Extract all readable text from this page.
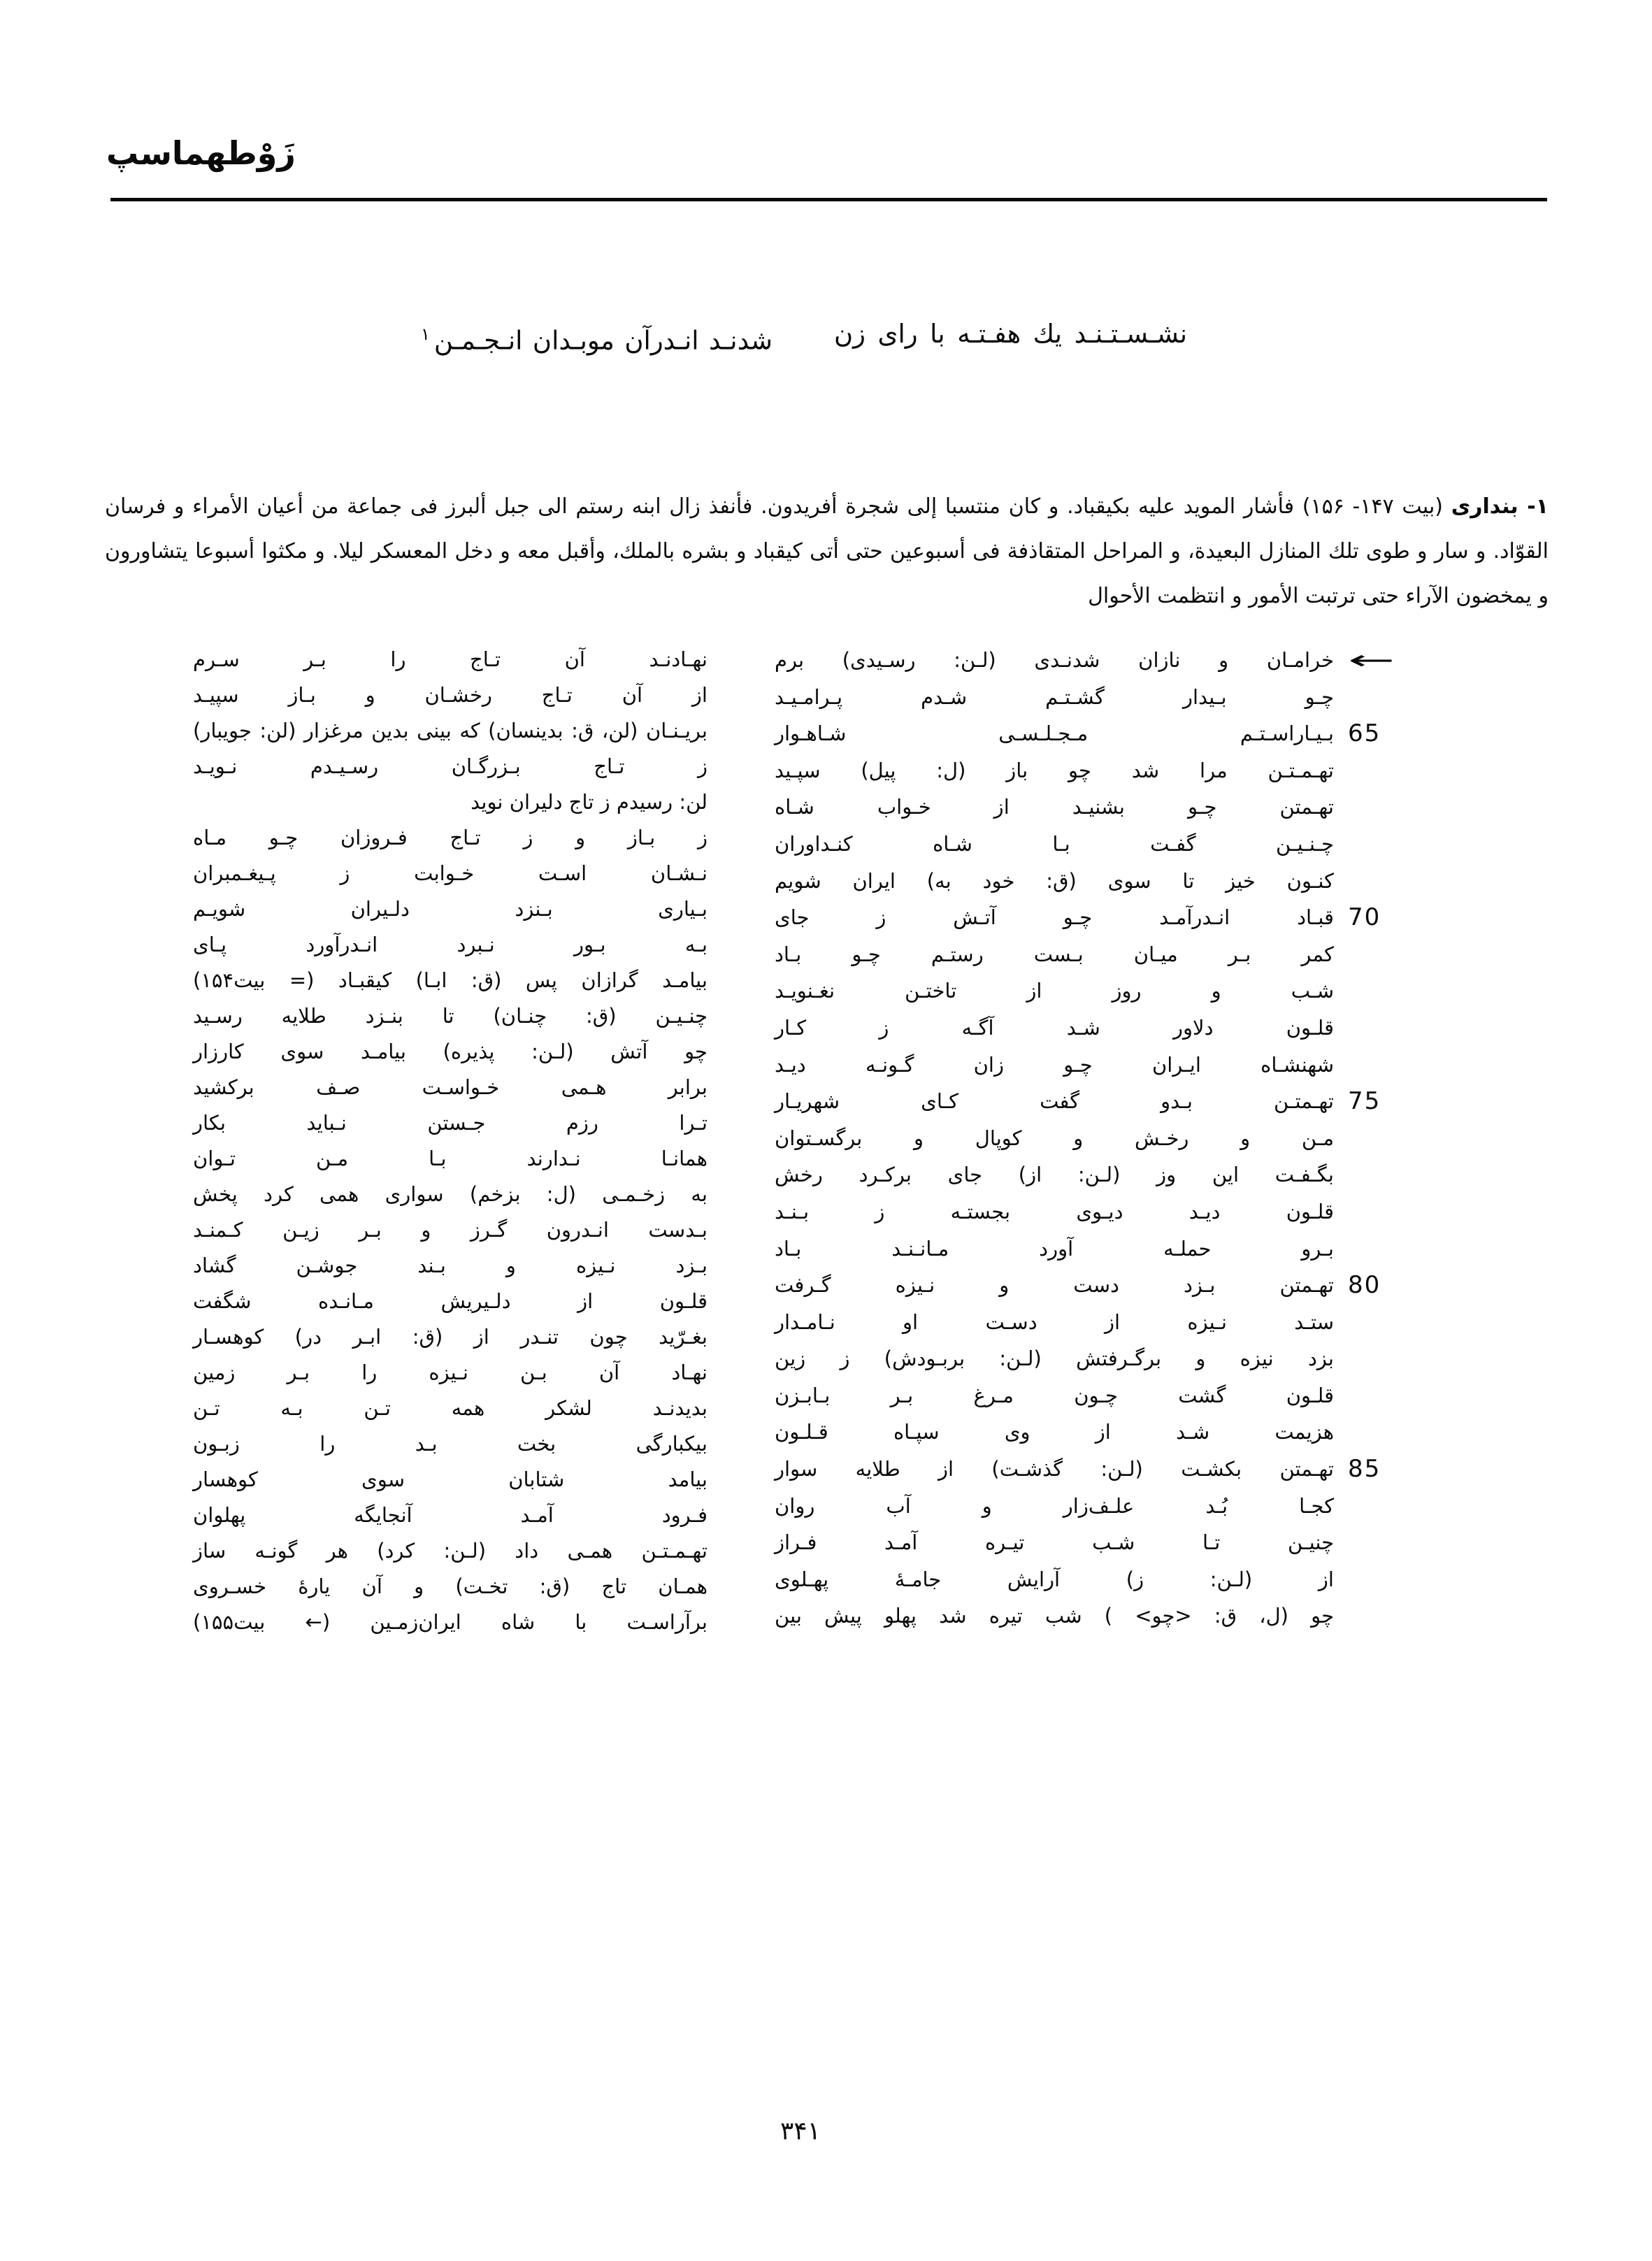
زَوْطهماسپ
نشـسـتـنـد يك هفـتـه با راى زن
شدنـد انـدرآن موبـدان انـجـمـن$^۱$
۱- بندارى (بيت ۱۴۷- ۱۵۶) فأشار المويد عليه بكيقباد. و كان منتسبا إلى شجرة أفريدون. فأنفذ زال ابنه رستم الى جبل ألبرز فى جماعة من أعيان الأمراء و فرسان القوّاد. و سار و طوى تلك المنازل البعيدة، و المراحل المتقاذفة فى أسبوعين حتى أتى كيقباد و بشره بالملك، وأقبل معه و دخل المعسكر ليلا. و مكثوا أسبوعا يتشاورون و يمخضون الآراء حتى ترتبت الأمور و انتظمت الأحوال
خرامـان و نازان شدنـدى (لـن: رسـيدى) برم ←
چـو بـيدار گشـتـم شـدم پـرامـيـد
بـيـاراسـتـم مـجـلـسـى شـاهـوار 65
تهـمـتـن مرا شد چو باز (ل: پيل) سپـيد
تهـمتن چـو بشنيـد از خـواب شـاه
چـنـيـن گفـت بـا شـاه كنـداوران
كنـون خيز تا سوى (ق: خود به) ايران شويم
قبـاد انـدرآمـد چـو آتـش ز جاى 70
كمر بـر ميـان بـست رستـم چـو بـاد
شـب و روز از تاختـن نغـنويـد
قلـون دلاور شـد آگـه ز كـار
شهنشـاه ايـران چـو زان گـونـه ديـد
تهـمتـن بـدو گفت كـاى شهريـار 75
مـن و رخـش و كوپال و برگسـتوان
بگـفـت اين وز (لـن: از) جاى بركـرد رخش
قلـون ديـد ديـوى بجستـه ز بـنـد
بـرو حملـه آورد مـانـنـد بـاد
تهـمتن بـزد دست و نـيزه گـرفت 80
ستـد نـيزه از دسـت او نـامـدار
بزد نيزه و برگـرفتش (لـن: بربـودش) ز زين
قلـون گشت چـون مـرغ بـر بـابـزن
هزيمت شـد از وى سپـاه قـلـون
تهـمتن بكشـت (لـن: گذشـت) از طلايه سوار 85
كجـا بُـد علـف‌زار و آب روان
چنيـن تـا شـب تيـره آمـد فـراز
از (لـن: ز) آرايش جامـهٔ پهـلوى
چو (ل، ق: <چو> ) شب تيره شد پهلو پيش بين
نهـادنـد آن تـاج را بـر سـرم
از آن تـاج رخشـان و بـاز سپيـد
بريـنـان (لن، ق: بدينسان) كه بينى بدين مرغزار (لن: جويبار)
ز تـاج بـزرگـان رسـيـدم نـويـد
لن: رسيدم ز تاج دليران نويد
ز بـاز و ز تـاج فـروزان چـو مـاه
نـشـان اسـت خـوابت ز پـيغـمبران
بـيارى بـنزد دلـيران شويـم
بـه بـور نـبرد انـدرآورد پـاى
بيامـد گرازان پس (ق: ابـا) كيقبـاد (= بيت۱۵۴)
چنـيـن (ق: چنـان) تا بنـزد طلايه رسـيد
چو آتش (لـن: پذيره) بيامـد سوى كارزار
برابر هـمى خـواسـت صـف بركشيد
تـرا رزم جـستن نـبايد بكار
همانـا نـدارند بـا مـن تـوان
به زخـمـى (ل: بزخم) سوارى همى كرد پخش
بـدست انـدرون گـرز و بـر زيـن كـمنـد
بـزد نـيزه و بـند جوشـن گشاد
قلـون از دلـيريش مـانـده شگفت
بغـرّيد چون تنـدر از (ق: ابـر در) كوهسـار
نهـاد آن بـن نـيزه را بـر زمين
بديدنـد لشكر همه تـن بـه تـن
بيكبارگى بخت بـد را زبـون
بيامد شتابان سوى كوهسار
فـرود آمـد آنجايگه پهلوان
تهـمـتـن همـى داد (لـن: كرد) هر گونـه ساز
همـان تاج (ق: تخـت) و آن يارهٔ خسـروى
برآراسـت با شاه ايران‌زمـين (← بيت۱۵۵)
۳۴۱
